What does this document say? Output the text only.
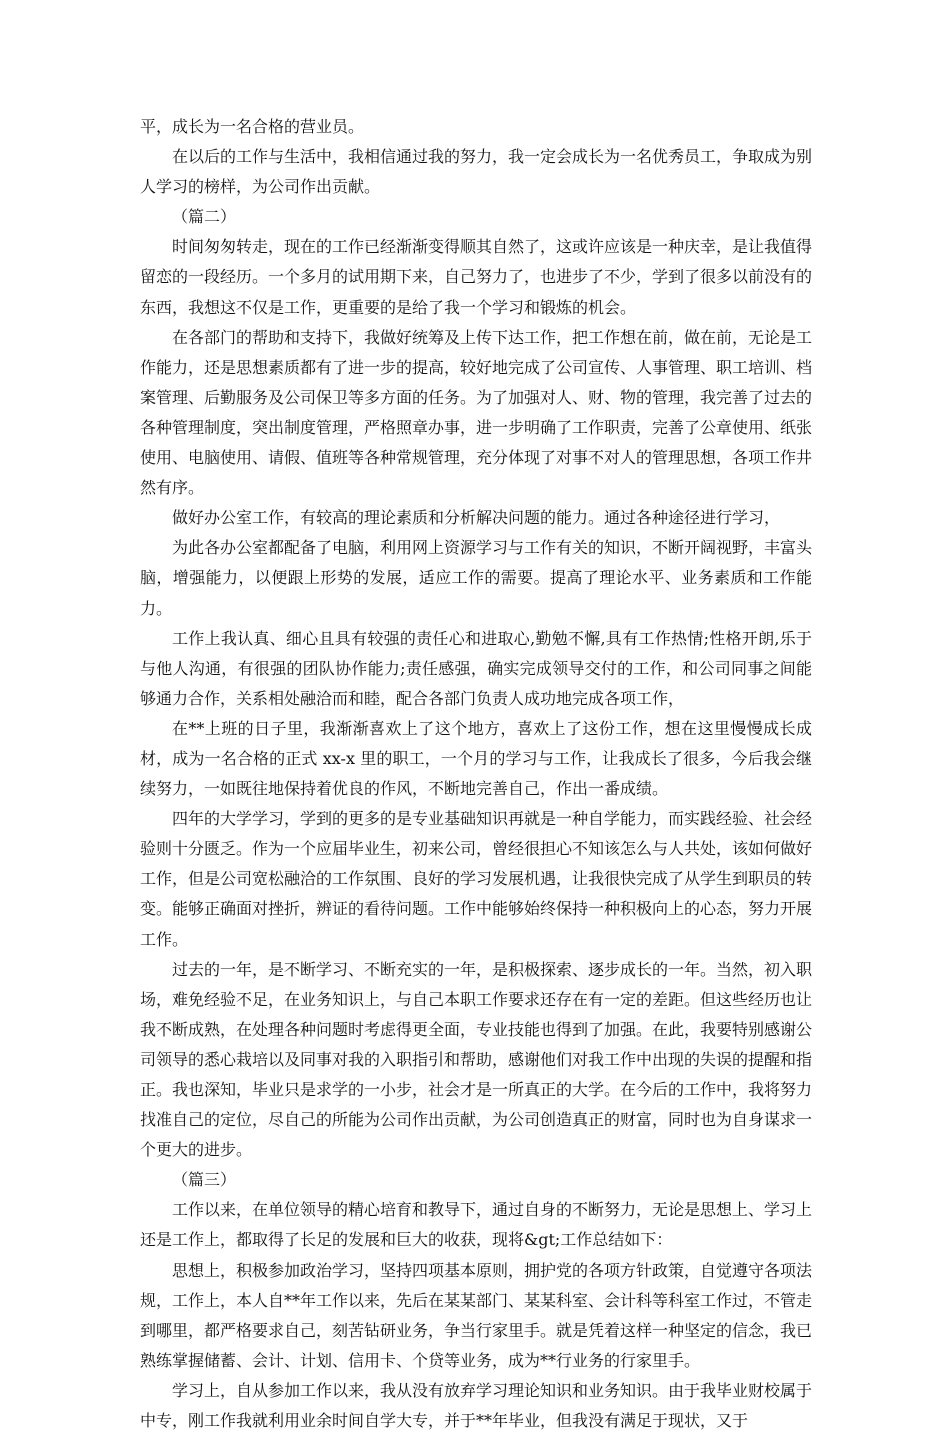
平，成长为一名合格的营业员。

在以后的工作与生活中，我相信通过我的努力，我一定会成长为一名优秀员工，争取成为别人学习的榜样，为公司作出贡献。

（篇二）

时间匆匆转走，现在的工作已经渐渐变得顺其自然了，这或许应该是一种庆幸，是让我值得留恋的一段经历。一个多月的试用期下来，自己努力了，也进步了不少，学到了很多以前没有的东西，我想这不仅是工作，更重要的是给了我一个学习和锻炼的机会。

在各部门的帮助和支持下，我做好统筹及上传下达工作，把工作想在前，做在前，无论是工作能力，还是思想素质都有了进一步的提高，较好地完成了公司宣传、人事管理、职工培训、档案管理、后勤服务及公司保卫等多方面的任务。为了加强对人、财、物的管理，我完善了过去的各种管理制度，突出制度管理，严格照章办事，进一步明确了工作职责，完善了公章使用、纸张使用、电脑使用、请假、值班等各种常规管理，充分体现了对事不对人的管理思想，各项工作井然有序。

做好办公室工作，有较高的理论素质和分析解决问题的能力。通过各种途径进行学习，

为此各办公室都配备了电脑，利用网上资源学习与工作有关的知识，不断开阔视野，丰富头脑，增强能力，以便跟上形势的发展，适应工作的需要。提高了理论水平、业务素质和工作能力。

工作上我认真、细心且具有较强的责任心和进取心,勤勉不懈,具有工作热情;性格开朗,乐于与他人沟通，有很强的团队协作能力;责任感强，确实完成领导交付的工作，和公司同事之间能够通力合作，关系相处融洽而和睦，配合各部门负责人成功地完成各项工作，

在**上班的日子里，我渐渐喜欢上了这个地方，喜欢上了这份工作，想在这里慢慢成长成材，成为一名合格的正式 xx-x 里的职工，一个月的学习与工作，让我成长了很多，今后我会继续努力，一如既往地保持着优良的作风，不断地完善自己，作出一番成绩。

四年的大学学习，学到的更多的是专业基础知识再就是一种自学能力，而实践经验、社会经验则十分匮乏。作为一个应届毕业生，初来公司，曾经很担心不知该怎么与人共处，该如何做好工作，但是公司宽松融洽的工作氛围、良好的学习发展机遇，让我很快完成了从学生到职员的转变。能够正确面对挫折，辨证的看待问题。工作中能够始终保持一种积极向上的心态，努力开展工作。

过去的一年，是不断学习、不断充实的一年，是积极探索、逐步成长的一年。当然，初入职场，难免经验不足，在业务知识上，与自己本职工作要求还存在有一定的差距。但这些经历也让我不断成熟，在处理各种问题时考虑得更全面，专业技能也得到了加强。在此，我要特别感谢公司领导的悉心栽培以及同事对我的入职指引和帮助，感谢他们对我工作中出现的失误的提醒和指正。我也深知，毕业只是求学的一小步，社会才是一所真正的大学。在今后的工作中，我将努力找准自己的定位，尽自己的所能为公司作出贡献，为公司创造真正的财富，同时也为自身谋求一个更大的进步。

（篇三）

工作以来，在单位领导的精心培育和教导下，通过自身的不断努力，无论是思想上、学习上还是工作上，都取得了长足的发展和巨大的收获，现将&gt;工作总结如下：

思想上，积极参加政治学习，坚持四项基本原则，拥护党的各项方针政策，自觉遵守各项法规，工作上，本人自**年工作以来，先后在某某部门、某某科室、会计科等科室工作过，不管走到哪里，都严格要求自己，刻苦钻研业务，争当行家里手。就是凭着这样一种坚定的信念，我已熟练掌握储蓄、会计、计划、信用卡、个贷等业务，成为**行业务的行家里手。

学习上，自从参加工作以来，我从没有放弃学习理论知识和业务知识。由于我毕业财校属于中专，刚工作我就利用业余时间自学大专，并于**年毕业，但我没有满足于现状，又于
